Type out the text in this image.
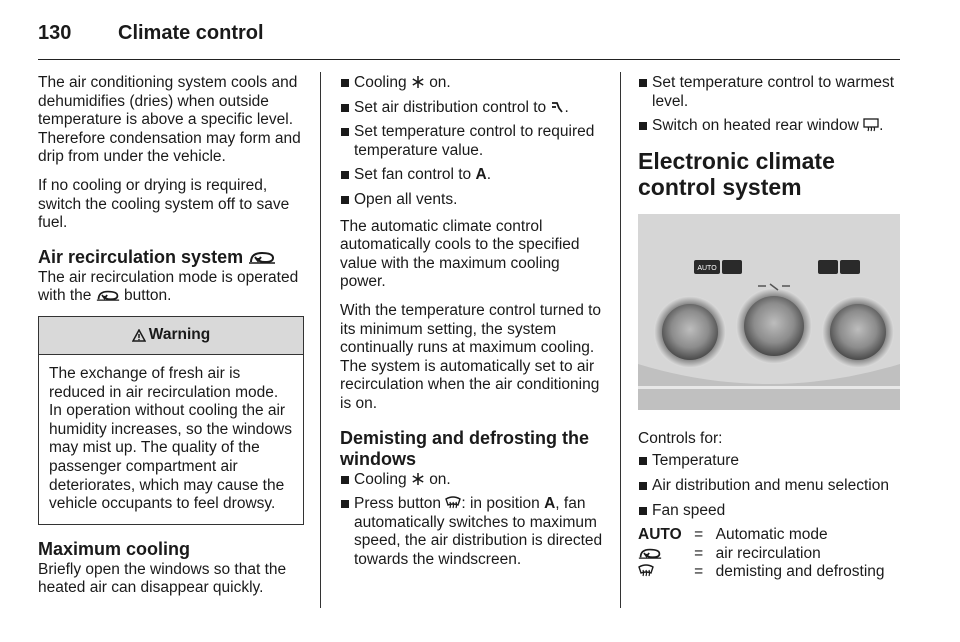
130 Climate control

The air conditioning system cools and dehumidifies (dries) when outside temperature is above a specific level. Therefore condensation may form and drip from under the vehicle.

If no cooling or drying is required, switch the cooling system off to save fuel.

Air recirculation system

The air recirculation mode is operated with the button.

Warning
The exchange of fresh air is reduced in air recirculation mode. In operation without cooling the air humidity increases, so the windows may mist up. The quality of the passenger compartment air deteriorates, which may cause the vehicle occupants to feel drowsy.
Maximum cooling

Briefly open the windows so that the heated air can disappear quickly.

Cooling on.
Set air distribution control to .
Set temperature control to required temperature value.
Set fan control to A.
Open all vents.

The automatic climate control automatically cools to the specified value with the maximum cooling power.

With the temperature control turned to its minimum setting, the system continually runs at maximum cooling. The system is automatically set to air recirculation when the air conditioning is on.

Demisting and defrosting the windows
Cooling on.
Press button : in position A, fan automatically switches to maximum speed, the air distribution is directed towards the windscreen.
Set temperature control to warmest level.
Switch on heated rear window .
Electronic climate control system
AUTO

Controls for:

Temperature
Air distribution and menu selection
Fan speed
AUTO	=	Automatic mode
	=	air recirculation
	=	demisting and defrosting
